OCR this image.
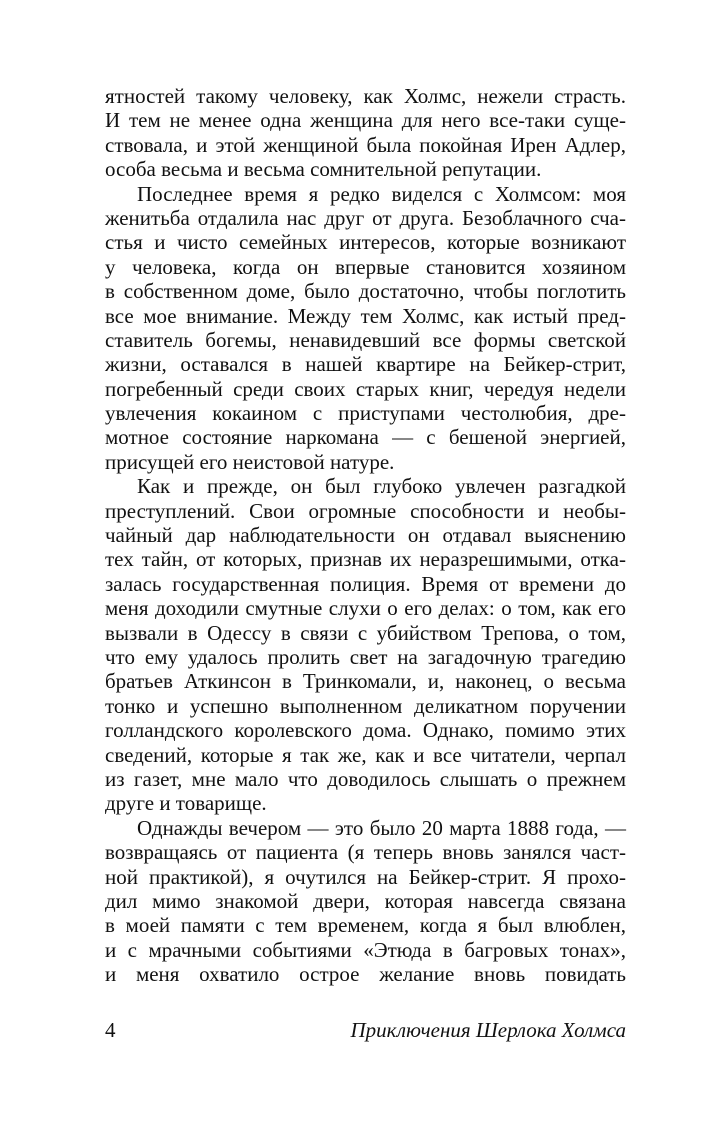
ятностей такому человеку, как Холмс, нежели страсть.
И тем не менее одна женщина для него все-таки суще-
ствовала, и этой женщиной была покойная Ирен Адлер,
особа весьма и весьма сомнительной репутации.
Последнее время я редко виделся с Холмсом: моя
женитьба отдалила нас друг от друга. Безоблачного сча-
стья и чисто семейных интересов, которые возникают
у человека, когда он впервые становится хозяином
в собственном доме, было достаточно, чтобы поглотить
все мое внимание. Между тем Холмс, как истый пред-
ставитель богемы, ненавидевший все формы светской
жизни, оставался в нашей квартире на Бейкер-стрит,
погребенный среди своих старых книг, чередуя недели
увлечения кокаином с приступами честолюбия, дре-
мотное состояние наркомана — с бешеной энергией,
присущей его неистовой натуре.
Как и прежде, он был глубоко увлечен разгадкой
преступлений. Свои огромные способности и необы-
чайный дар наблюдательности он отдавал выяснению
тех тайн, от которых, признав их неразрешимыми, отка-
залась государственная полиция. Время от времени до
меня доходили смутные слухи о его делах: о том, как его
вызвали в Одессу в связи с убийством Трепова, о том,
что ему удалось пролить свет на загадочную трагедию
братьев Аткинсон в Тринкомали, и, наконец, о весьма
тонко и успешно выполненном деликатном поручении
голландского королевского дома. Однако, помимо этих
сведений, которые я так же, как и все читатели, черпал
из газет, мне мало что доводилось слышать о прежнем
друге и товарище.
Однажды вечером — это было 20 марта 1888 года, —
возвращаясь от пациента (я теперь вновь занялся част-
ной практикой), я очутился на Бейкер-стрит. Я прохо-
дил мимо знакомой двери, которая навсегда связана
в моей памяти с тем временем, когда я был влюблен,
и с мрачными событиями «Этюда в багровых тонах»,
и меня охватило острое желание вновь повидать
4	Приключения Шерлока Холмса
